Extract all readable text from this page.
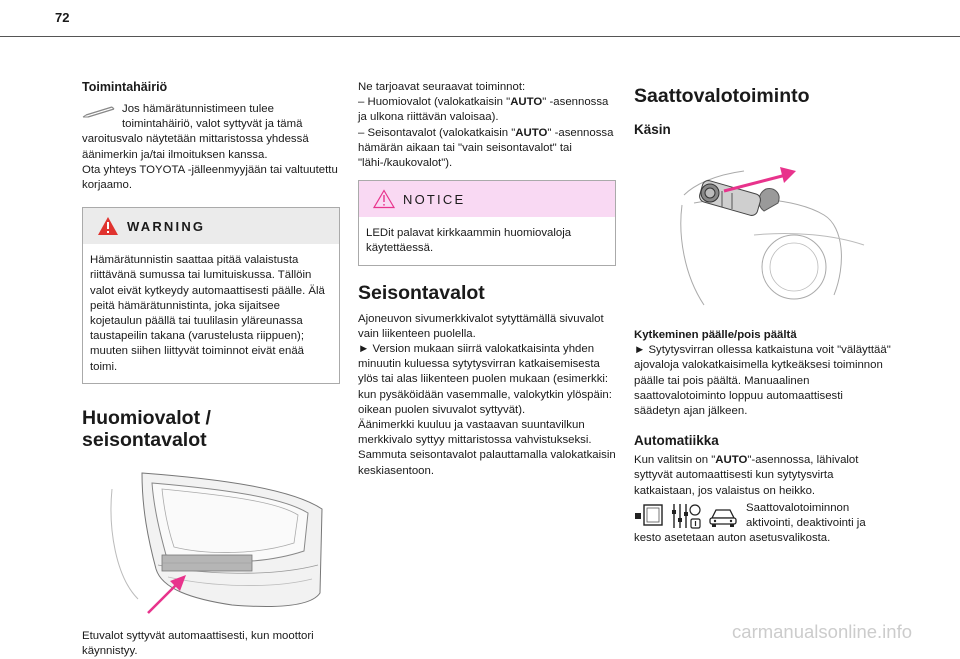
72
Toimintahäiriö

Jos hämärätunnistimeen tulee toimintahäiriö, valot syttyvät ja tämä varoitusvalo näytetään mittaristossa yhdessä äänimerkin ja/tai ilmoituksen kanssa.

Ota yhteys TOYOTA -jälleenmyyjään tai valtuutettu korjaamo.

WARNING

Hämärätunnistin saattaa pitää valaistusta riittävänä sumussa tai lumituiskussa. Tällöin valot eivät kytkeydy automaattisesti päälle. Älä peitä hämärätunnistinta, joka sijaitsee kojetaulun päällä tai tuulilasin yläreunassa taustapeilin takana (varustelusta riippuen); muuten siihen liittyvät toiminnot eivät enää toimi.

Huomiovalot / seisontavalot

Etuvalot syttyvät automaattisesti, kun moottori käynnistyy.

Ne tarjoavat seuraavat toiminnot:

– Huomiovalot (valokatkaisin "AUTO" -asennossa ja ulkona riittävän valoisaa).

– Seisontavalot (valokatkaisin "AUTO" -asennossa hämärän aikaan tai "vain seisontavalot" tai "lähi-/kaukovalot").

NOTICE

LEDit palavat kirkkaammin huomiovaloja käytettäessä.

Seisontavalot

Ajoneuvon sivumerkkivalot sytyttämällä sivuvalot vain liikenteen puolella.

► Version mukaan siirrä valokatkaisinta yhden minuutin kuluessa sytytysvirran katkaisemisesta ylös tai alas liikenteen puolen mukaan (esimerkki: kun pysäköidään vasemmalle, valokytkin ylöspäin: oikean puolen sivuvalot syttyvät).

Äänimerkki kuuluu ja vastaavan suuntavilkun merkkivalo syttyy mittaristossa vahvistukseksi. Sammuta seisontavalot palauttamalla valokatkaisin keskiasentoon.

Saattovalotoiminto
Käsin
Kytkeminen päälle/pois päältä

► Sytytysvirran ollessa katkaistuna voit "väläyttää" ajovaloja valokatkaisimella kytkeäksesi toiminnon päälle tai pois päältä. Manuaalinen saattovalotoiminto loppuu automaattisesti säädetyn ajan jälkeen.

Automatiikka

Kun valitsin on "AUTO"-asennossa, lähivalot syttyvät automaattisesti kun sytytysvirta katkaistaan, jos valaistus on heikko.

Saattovalotoiminnon aktivointi, deaktivointi ja kesto asetetaan auton asetusvalikosta.

carmanualsonline.info
